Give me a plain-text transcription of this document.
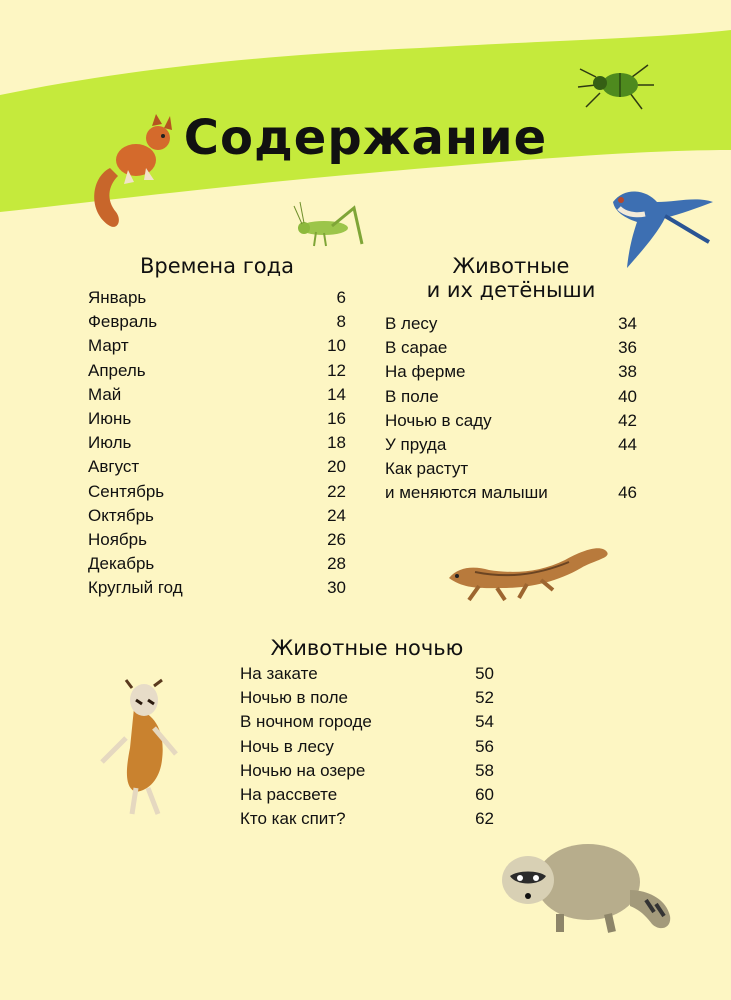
Содержание
Времена года
Январь	6
Февраль	8
Март	10
Апрель	12
Май	14
Июнь	16
Июль	18
Август	20
Сентябрь	22
Октябрь	24
Ноябрь	26
Декабрь	28
Круглый год	30
Животные
и их детёныши
В лесу	34
В сарае	36
На ферме	38
В поле	40
Ночью в саду	42
У пруда	44
Как растут
и меняются малыши	46
Животные ночью
На закате	50
Ночью в поле	52
В ночном городе	54
Ночь в лесу	56
Ночью на озере	58
На рассвете	60
Кто как спит?	62
